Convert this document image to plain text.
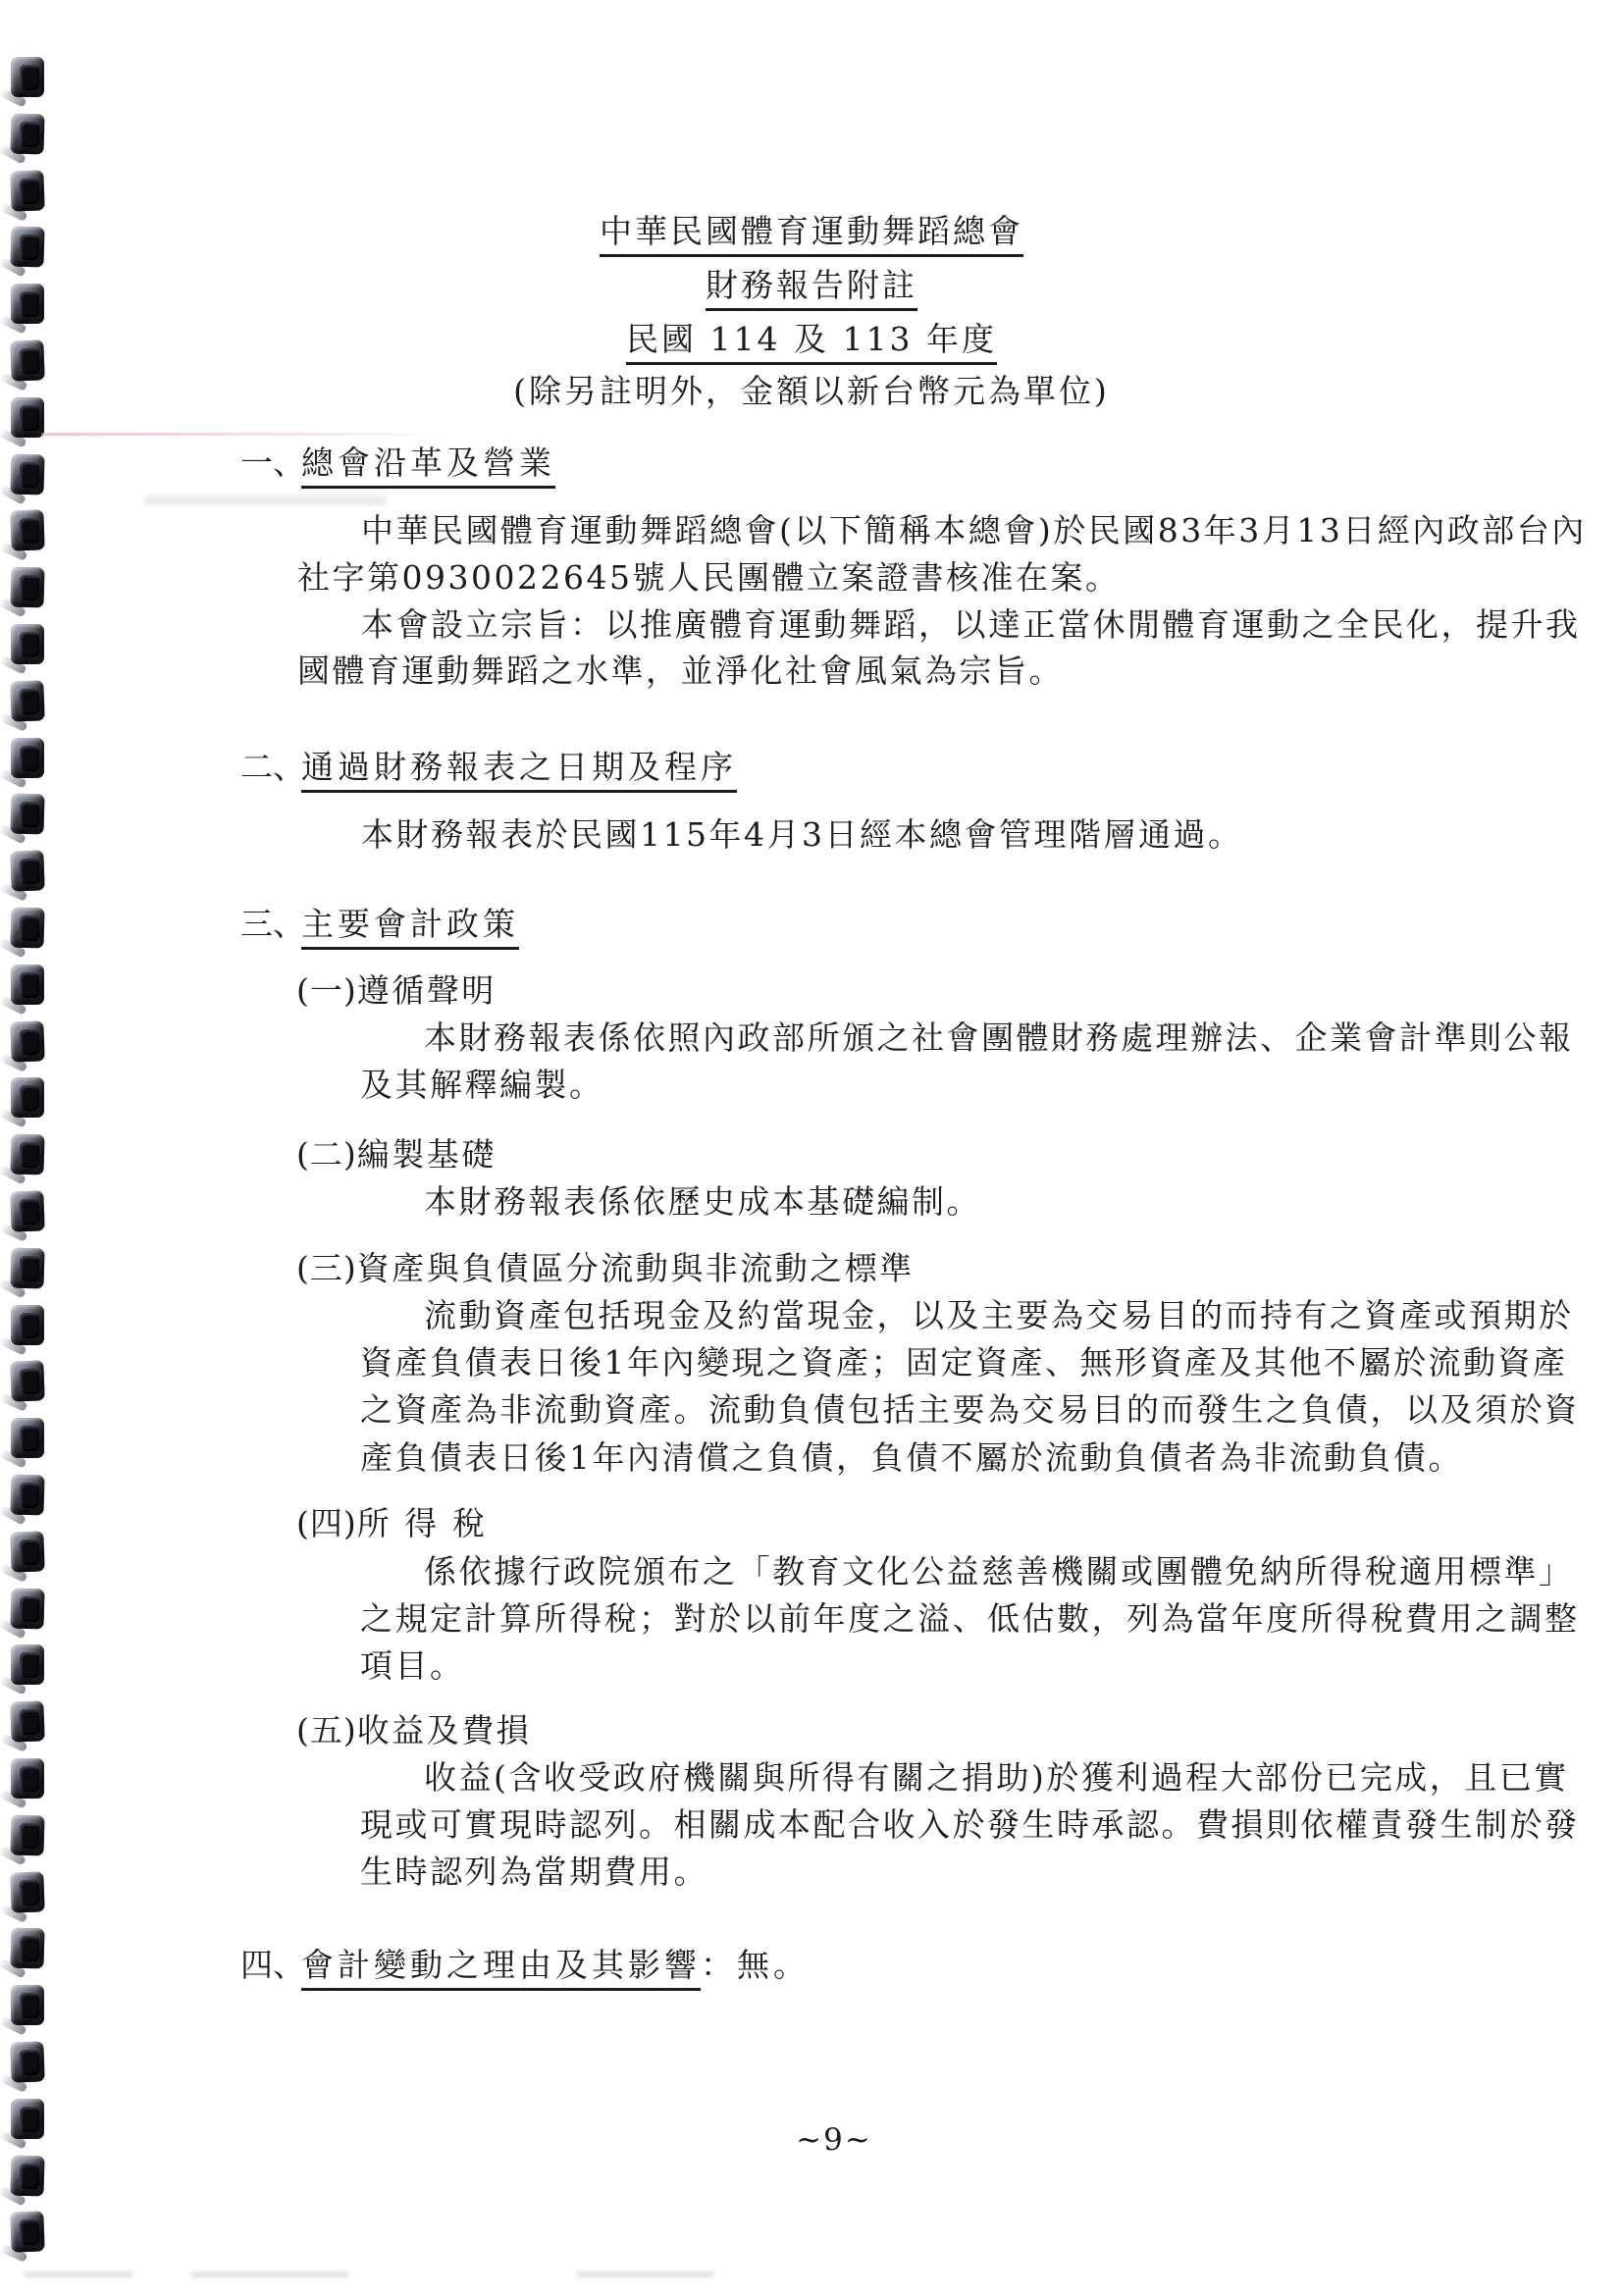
中華民國體育運動舞蹈總會
財務報告附註
民國 114 及 113 年度
(除另註明外，金額以新台幣元為單位)
一、總會沿革及營業
中華民國體育運動舞蹈總會(以下簡稱本總會)於民國83年3月13日經內政部台內
社字第0930022645號人民團體立案證書核准在案。
本會設立宗旨：以推廣體育運動舞蹈，以達正當休閒體育運動之全民化，提升我
國體育運動舞蹈之水準，並淨化社會風氣為宗旨。
二、通過財務報表之日期及程序
本財務報表於民國115年4月3日經本總會管理階層通過。
三、主要會計政策
(一)遵循聲明
本財務報表係依照內政部所頒之社會團體財務處理辦法、企業會計準則公報
及其解釋編製。
(二)編製基礎
本財務報表係依歷史成本基礎編制。
(三)資產與負債區分流動與非流動之標準
流動資產包括現金及約當現金，以及主要為交易目的而持有之資產或預期於
資產負債表日後1年內變現之資產；固定資產、無形資產及其他不屬於流動資產
之資產為非流動資產。流動負債包括主要為交易目的而發生之負債，以及須於資
產負債表日後1年內清償之負債，負債不屬於流動負債者為非流動負債。
(四)所 得 稅
係依據行政院頒布之「教育文化公益慈善機關或團體免納所得稅適用標準」
之規定計算所得稅；對於以前年度之溢、低估數，列為當年度所得稅費用之調整
項目。
(五)收益及費損
收益(含收受政府機關與所得有關之捐助)於獲利過程大部份已完成，且已實
現或可實現時認列。相關成本配合收入於發生時承認。費損則依權責發生制於發
生時認列為當期費用。
四、會計變動之理由及其影響：無。
~9~
